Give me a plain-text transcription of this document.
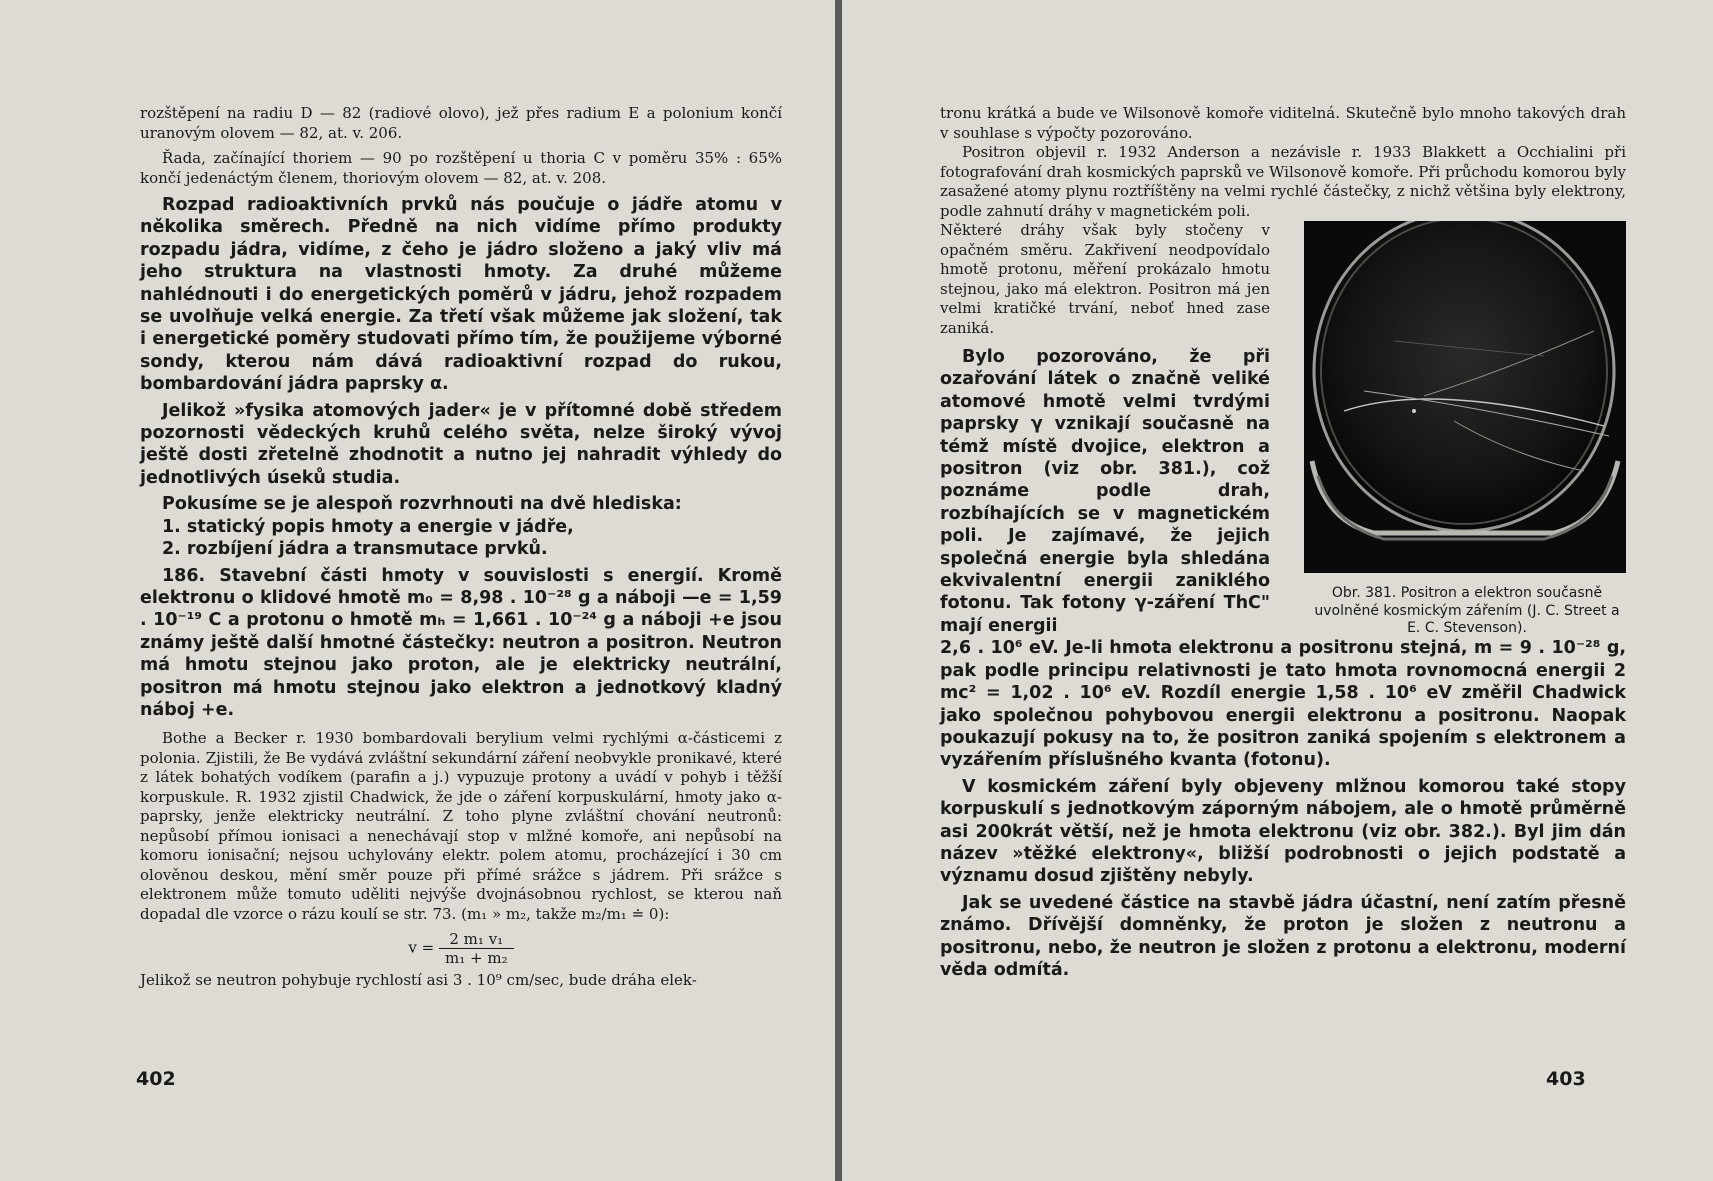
rozštěpení na radiu D — 82 (radiové olovo), jež přes radium E a polonium končí uranovým olovem — 82, at. v. 206.

Řada, začínající thoriem — 90 po rozštěpení u thoria C v poměru 35% : 65% končí jedenáctým členem, thoriovým olovem — 82, at. v. 208.

Rozpad radioaktivních prvků nás poučuje o jádře atomu v několika směrech. Předně na nich vidíme přímo produkty rozpadu jádra, vidíme, z čeho je jádro složeno a jaký vliv má jeho struktura na vlastnosti hmoty. Za druhé můžeme nahlédnouti i do energetických poměrů v jádru, jehož rozpadem se uvolňuje velká energie. Za třetí však můžeme jak složení, tak i energetické poměry studovati přímo tím, že použijeme výborné sondy, kterou nám dává radioaktivní rozpad do rukou, bombardování jádra paprsky α.

Jelikož »fysika atomových jader« je v přítomné době středem pozornosti vědeckých kruhů celého světa, nelze široký vývoj ještě dosti zřetelně zhodnotit a nutno jej nahradit výhledy do jednotlivých úseků studia.

Pokusíme se je alespoň rozvrhnouti na dvě hlediska:

1. statický popis hmoty a energie v jádře,

2. rozbíjení jádra a transmutace prvků.

186. Stavební části hmoty v souvislosti s energií. Kromě elektronu o klidové hmotě m₀ = 8,98 . 10⁻²⁸ g a náboji —e = 1,59 . 10⁻¹⁹ C a protonu o hmotě mₕ = 1,661 . 10⁻²⁴ g a náboji +e jsou známy ještě další hmotné částečky: neutron a positron. Neutron má hmotu stejnou jako proton, ale je elektricky neutrální, positron má hmotu stejnou jako elektron a jednotkový kladný náboj +e.

Bothe a Becker r. 1930 bombardovali berylium velmi rychlými α-částicemi z polonia. Zjistili, že Be vydává zvláštní sekundární záření neobvykle pronikavé, které z látek bohatých vodíkem (parafin a j.) vypuzuje protony a uvádí v pohyb i těžší korpuskule. R. 1932 zjistil Chadwick, že jde o záření korpuskulární, hmoty jako α-paprsky, jenže elektricky neutrální. Z toho plyne zvláštní chování neutronů: nepůsobí přímou ionisaci a nenechávají stop v mlžné komoře, ani nepůsobí na komoru ionisační; nejsou uchylovány elektr. polem atomu, procházející i 30 cm olověnou deskou, mění směr pouze při přímé srážce s jádrem. Při srážce s elektronem může tomuto uděliti nejvýše dvojnásobnou rychlost, se kterou naň dopadal dle vzorce o rázu koulí se str. 73. (m₁ » m₂, takže m₂/m₁ ≐ 0):

$v = \frac{\text{2 m₁ v₁}}{\text{m₁ + m₂}}$

Jelikož se neutron pohybuje rychlostí asi 3 . 10⁹ cm/sec, bude dráha elek-

402

tronu krátká a bude ve Wilsonově komoře viditelná. Skutečně bylo mnoho takových drah v souhlase s výpočty pozorováno.

Positron objevil r. 1932 Anderson a nezávisle r. 1933 Blakkett a Occhialini při fotografování drah kosmických paprsků ve Wilsonově komoře. Při průchodu komorou byly zasažené atomy plynu roztříštěny na velmi rychlé částečky, z nichž většina byly elektrony, podle zahnutí dráhy v magnetickém poli.

Některé dráhy však byly stočeny v opačném směru. Zakřivení neodpovídalo hmotě protonu, měření prokázalo hmotu stejnou, jako má elektron. Positron má jen velmi kratičké trvání, neboť hned zase zaniká.

Bylo pozorováno, že při ozařování látek o značně veliké atomové hmotě velmi tvrdými paprsky γ vznikají současně na témž místě dvojice, elektron a positron (viz obr. 381.), což poznáme podle drah, rozbíhajících se v magnetickém poli. Je zajímavé, že jejich společná energie byla shledána ekvivalentní energii zaniklého fotonu. Tak fotony γ-záření ThC" mají energii

Obr. 381. Positron a elektron současně uvolněné kosmickým zářením (J. C. Street a E. C. Stevenson).

2,6 . 10⁶ eV. Je-li hmota elektronu a positronu stejná, m = 9 . 10⁻²⁸ g, pak podle principu relativnosti je tato hmota rovnomocná energii 2 mc² = 1,02 . 10⁶ eV. Rozdíl energie 1,58 . 10⁶ eV změřil Chadwick jako společnou pohybovou energii elektronu a positronu. Naopak poukazují pokusy na to, že positron zaniká spojením s elektronem a vyzářením příslušného kvanta (fotonu).

V kosmickém záření byly objeveny mlžnou komorou také stopy korpuskulí s jednotkovým záporným nábojem, ale o hmotě průměrně asi 200krát větší, než je hmota elektronu (viz obr. 382.). Byl jim dán název »těžké elektrony«, bližší podrobnosti o jejich podstatě a významu dosud zjištěny nebyly.

Jak se uvedené částice na stavbě jádra účastní, není zatím přesně známo. Dřívější domněnky, že proton je složen z neutronu a positronu, nebo, že neutron je složen z protonu a elektronu, moderní věda odmítá.

403
